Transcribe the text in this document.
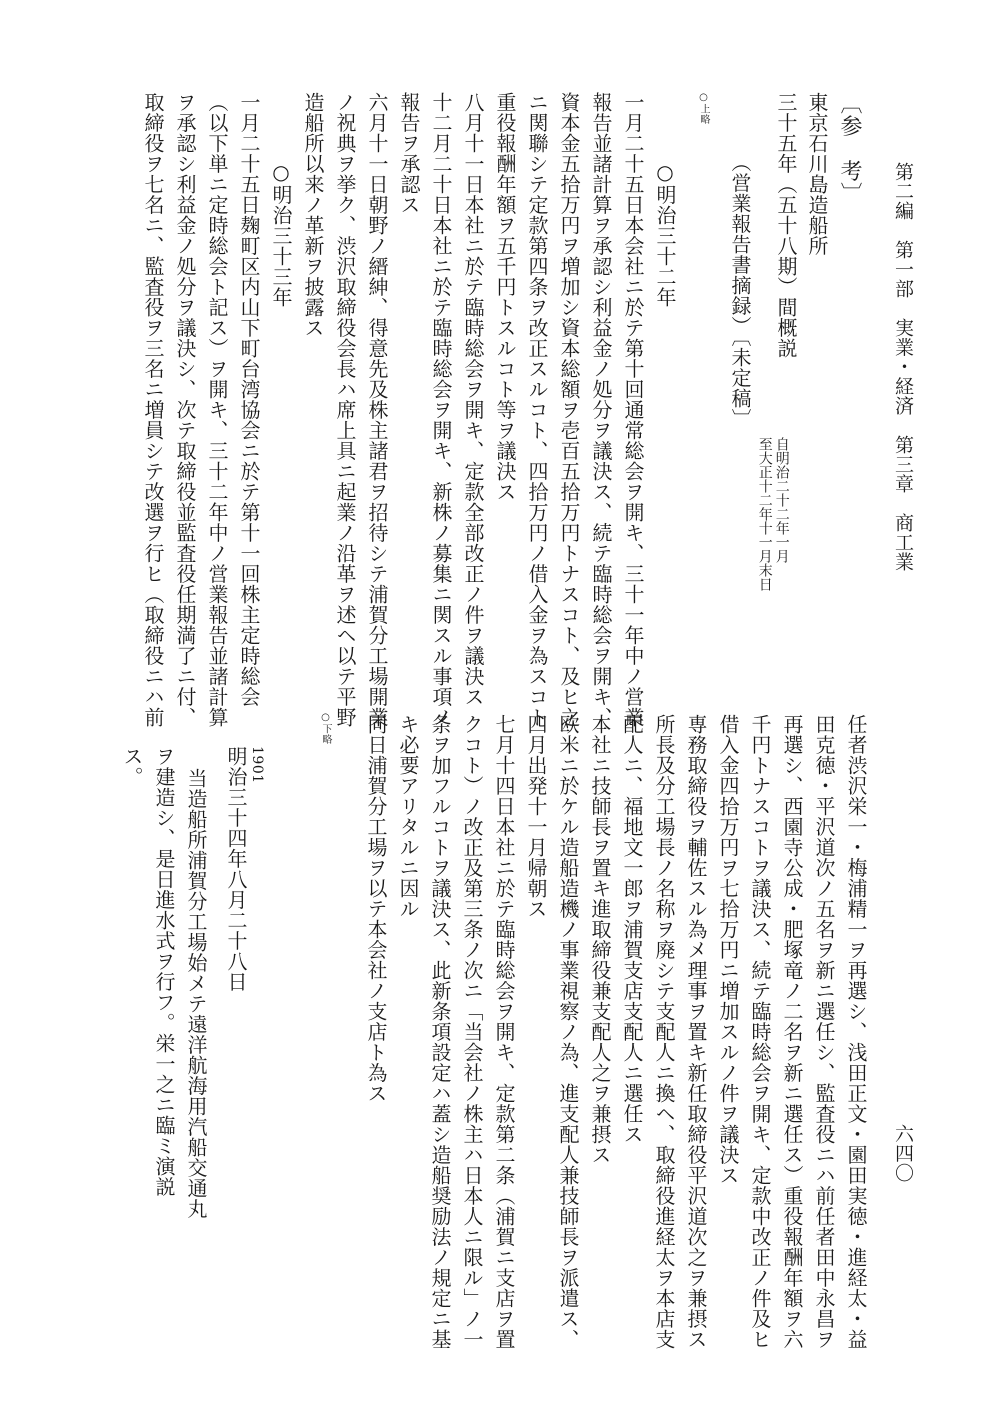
第二編　第一部　実業・経済　第三章　商工業
六四〇
〔参　考〕
東京石川島造船所
三十五年（五十八期）間概説
自明治二十二年一月
至大正十二年十一月末日
（営業報告書摘録）〔未定稿〕
○上略
○明治三十二年
一月二十五日本会社ニ於テ第十回通常総会ヲ開キ、三十一年中ノ営業
報告並諸計算ヲ承認シ利益金ノ処分ヲ議決ス、続テ臨時総会ヲ開キ、
資本金五拾万円ヲ増加シ資本総額ヲ壱百五拾万円トナスコト、及ヒ之
ニ関聯シテ定款第四条ヲ改正スルコト、四拾万円ノ借入金ヲ為スコト
重役報酬年額ヲ五千円トスルコト等ヲ議決ス
八月十一日本社ニ於テ臨時総会ヲ開キ、定款全部改正ノ件ヲ議決ス
十二月二十日本社ニ於テ臨時総会ヲ開キ、新株ノ募集ニ関スル事項ノ
報告ヲ承認ス
六月十一日朝野ノ縉紳、得意先及株主諸君ヲ招待シテ浦賀分工場開業
ノ祝典ヲ挙ク、渋沢取締役会長ハ席上具ニ起業ノ沿革ヲ述ヘ以テ平野
造船所以来ノ革新ヲ披露ス
○明治三十三年
一月二十五日麹町区内山下町台湾協会ニ於テ第十一回株主定時総会
（以下単ニ定時総会ト記ス）ヲ開キ、三十二年中ノ営業報告並諸計算
ヲ承認シ利益金ノ処分ヲ議決シ、次テ取締役並監査役任期満了ニ付、
取締役ヲ七名ニ、監査役ヲ三名ニ増員シテ改選ヲ行ヒ（取締役ニハ前
任者渋沢栄一・梅浦精一ヲ再選シ、浅田正文・園田実徳・進経太・益
田克徳・平沢道次ノ五名ヲ新ニ選任シ、監査役ニハ前任者田中永昌ヲ
再選シ、西園寺公成・肥塚竜ノ二名ヲ新ニ選任ス）重役報酬年額ヲ六
千円トナスコトヲ議決ス、続テ臨時総会ヲ開キ、定款中改正ノ件及ヒ
借入金四拾万円ヲ七拾万円ニ増加スルノ件ヲ議決ス
専務取締役ヲ輔佐スル為メ理事ヲ置キ新任取締役平沢道次之ヲ兼摂ス
所長及分工場長ノ名称ヲ廃シテ支配人ニ換ヘ、取締役進経太ヲ本店支
配人ニ、福地文一郎ヲ浦賀支店支配人ニ選任ス
本社ニ技師長ヲ置キ進取締役兼支配人之ヲ兼摂ス
欧米ニ於ケル造船造機ノ事業視察ノ為、進支配人兼技師長ヲ派遣ス、
四月出発十一月帰朝ス
七月十四日本社ニ於テ臨時総会ヲ開キ、定款第二条（浦賀ニ支店ヲ置
クコト）ノ改正及第三条ノ次ニ「当会社ノ株主ハ日本人ニ限ル」ノ一
条ヲ加フルコトヲ議決ス、此新条項設定ハ蓋シ造船奨励法ノ規定ニ基
キ必要アリタルニ因ル
同日浦賀分工場ヲ以テ本会社ノ支店ト為ス
○下略
1901
明治三十四年八月二十八日
当造船所浦賀分工場始メテ遠洋航海用汽船交通丸
ヲ建造シ、是日進水式ヲ行フ。栄一之ニ臨ミ演説
ス。
